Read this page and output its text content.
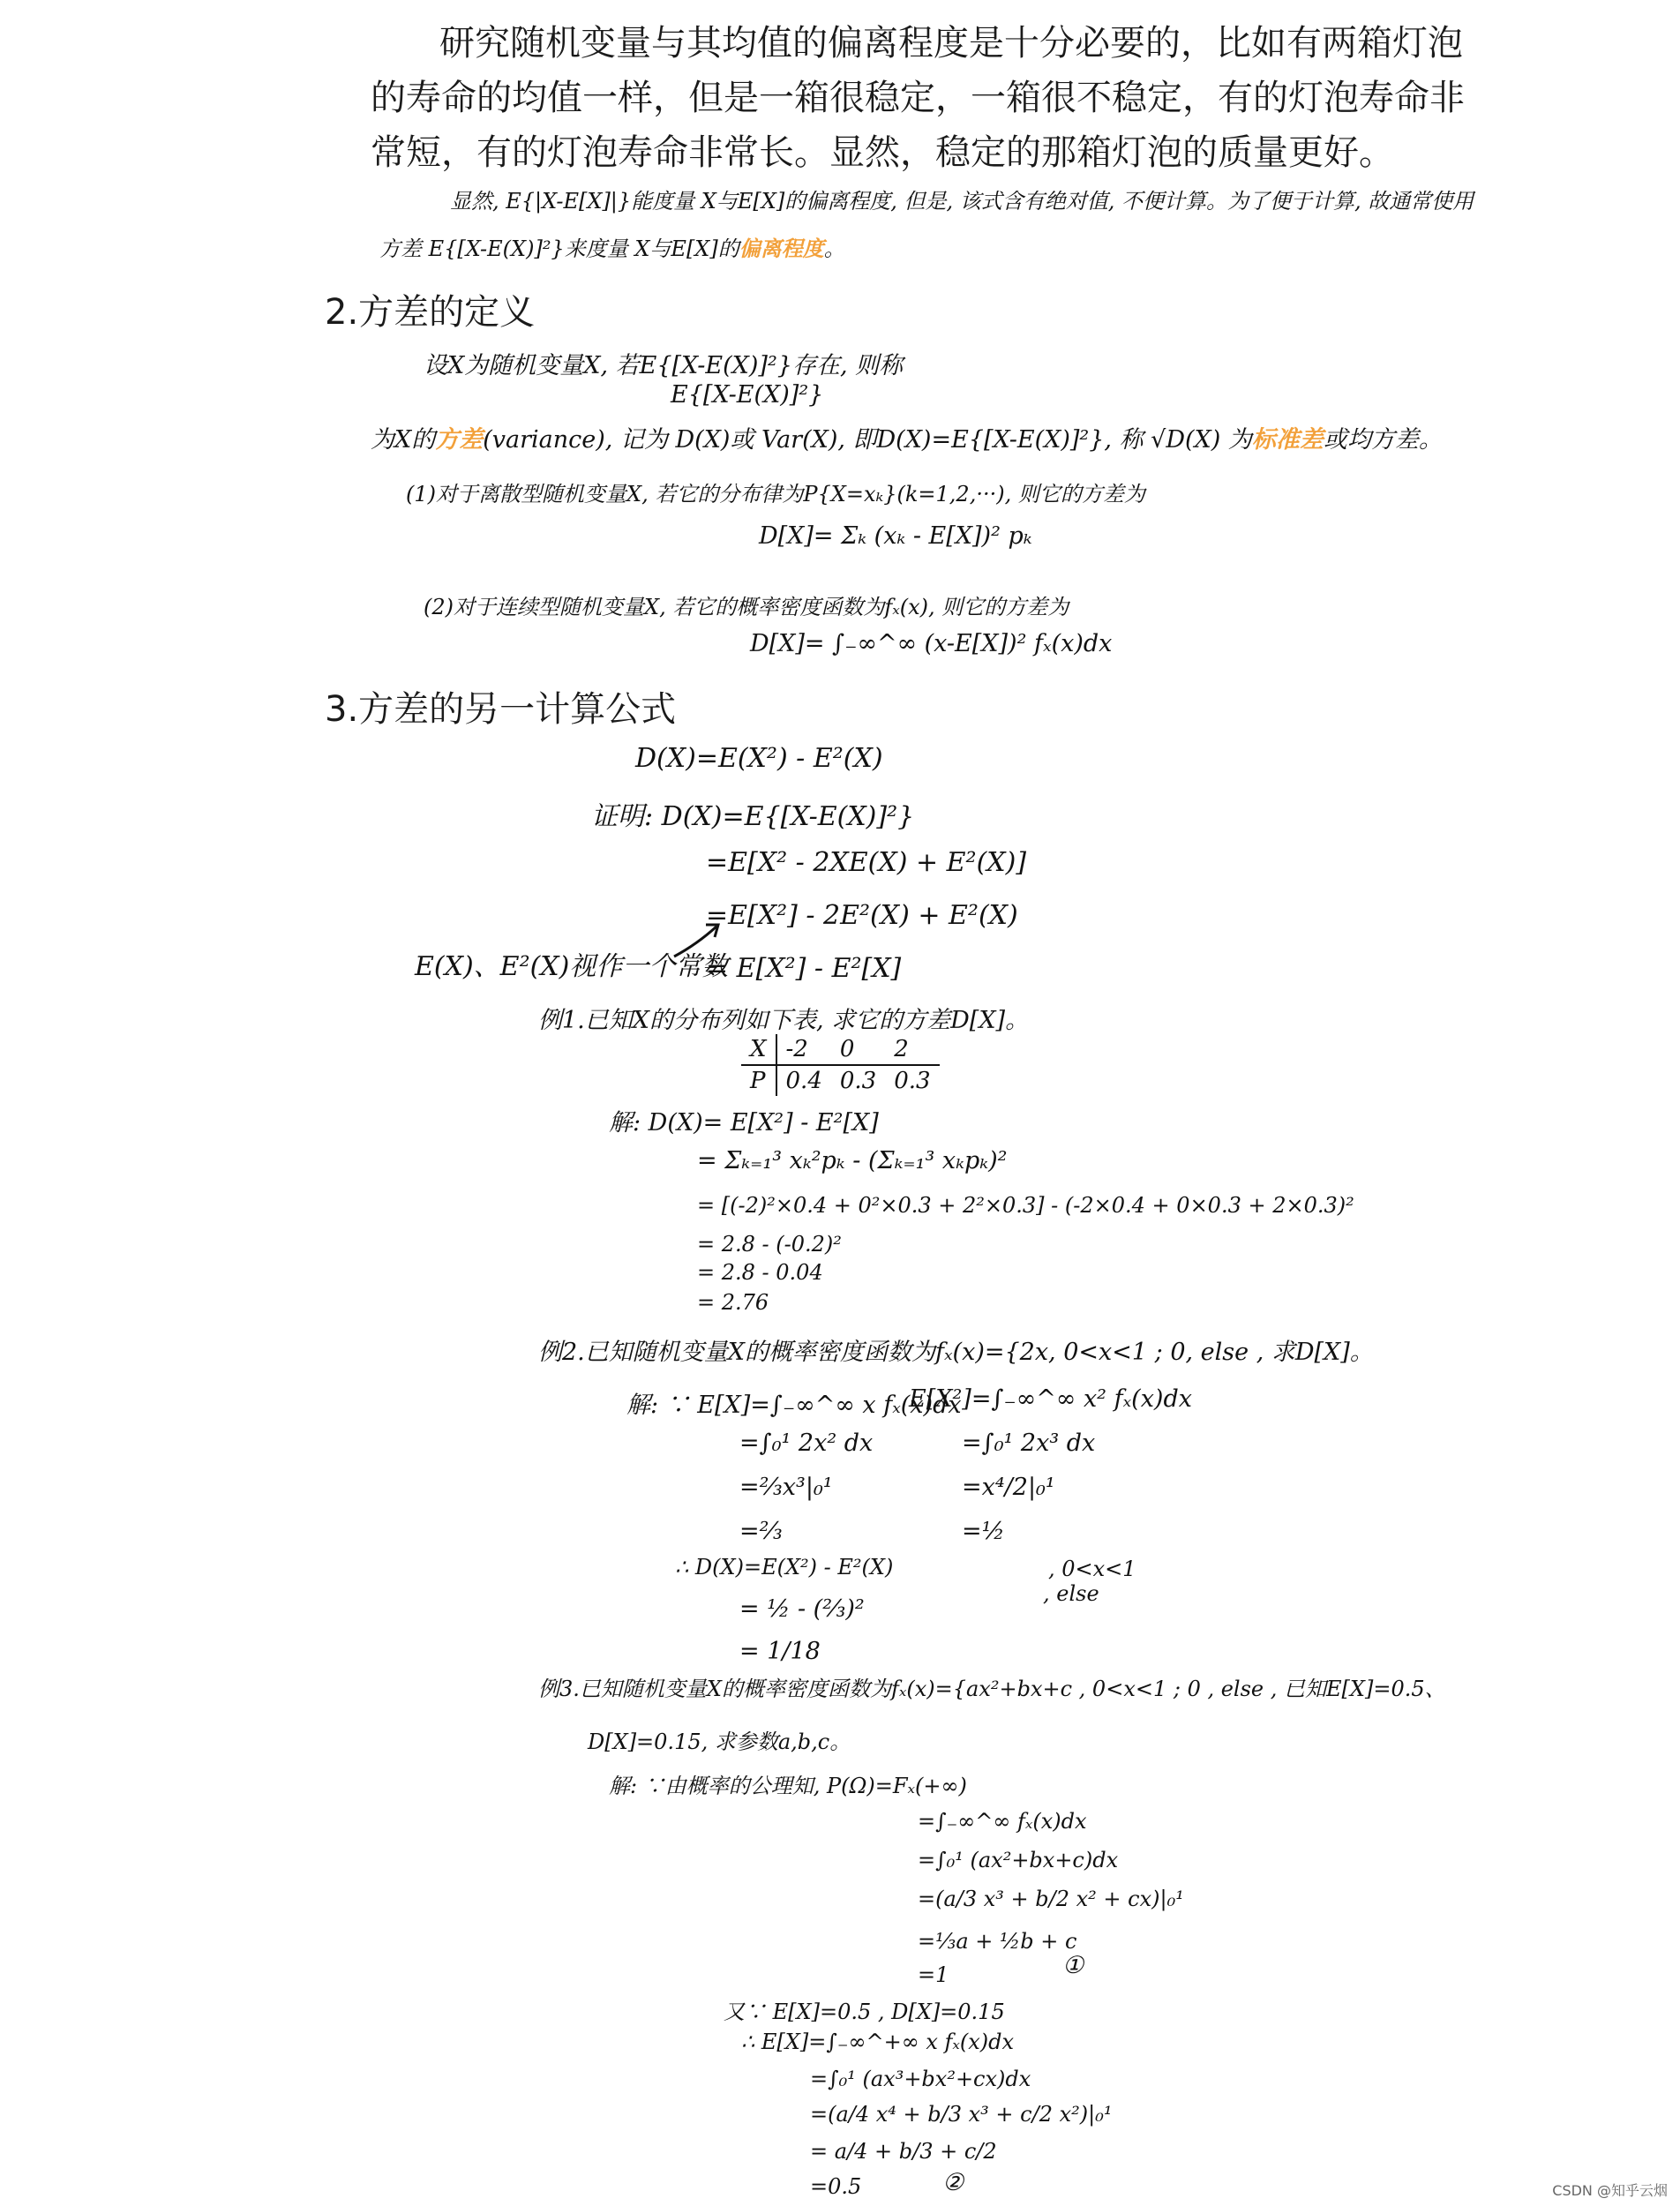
研究随机变量与其均值的偏离程度是十分必要的，比如有两箱灯泡

的寿命的均值一样，但是一箱很稳定，一箱很不稳定，有的灯泡寿命非

常短，有的灯泡寿命非常长。显然，稳定的那箱灯泡的质量更好。

显然, E{|X-E[X]|}能度量 X与E[X]的偏离程度, 但是, 该式含有绝对值, 不便计算。为了便于计算, 故通常使用
方差 E{[X-E(X)]²}来度量 X与E[X]的偏离程度。
2.方差的定义
设X为随机变量X, 若E{[X-E(X)]²}存在, 则称
E{[X-E(X)]²}
为X的方差(variance), 记为 D(X)或 Var(X), 即D(X)=E{[X-E(X)]²}, 称 √D(X) 为标准差或均方差。
(1)对于离散型随机变量X, 若它的分布律为P{X=xₖ}(k=1,2,···), 则它的方差为
D[X]= Σₖ (xₖ - E[X])² pₖ
(2)对于连续型随机变量X, 若它的概率密度函数为fₓ(x), 则它的方差为
D[X]= ∫₋∞^∞ (x-E[X])² fₓ(x)dx
3.方差的另一计算公式
D(X)=E(X²) - E²(X)
证明: D(X)=E{[X-E(X)]²}
=E[X² - 2XE(X) + E²(X)]
=E[X²] - 2E²(X) + E²(X)
= E[X²] - E²[X]
E(X)、E²(X)视作一个常数
例1.已知X的分布列如下表, 求它的方差D[X]。
X	-2	0	2
P	0.4	0.3	0.3
解: D(X)= E[X²] - E²[X]
= Σₖ₌₁³ xₖ²pₖ - (Σₖ₌₁³ xₖpₖ)²
= [(-2)²×0.4 + 0²×0.3 + 2²×0.3] - (-2×0.4 + 0×0.3 + 2×0.3)²
= 2.8 - (-0.2)²
= 2.8 - 0.04
= 2.76
例2.已知随机变量X的概率密度函数为fₓ(x)={2x, 0<x<1 ; 0, else , 求D[X]。
解: ∵ E[X]=∫₋∞^∞ x fₓ(x)dx
=∫₀¹ 2x² dx
=⅔x³|₀¹
=⅔
E[X²]=∫₋∞^∞ x² fₓ(x)dx
=∫₀¹ 2x³ dx
=x⁴/2|₀¹
=½
∴ D(X)=E(X²) - E²(X)
= ½ - (⅔)²
= 1/18
, 0<x<1
, else
例3.已知随机变量X的概率密度函数为fₓ(x)={ax²+bx+c , 0<x<1 ; 0 , else , 已知E[X]=0.5、
D[X]=0.15, 求参数a,b,c。
解: ∵由概率的公理知, P(Ω)=Fₓ(+∞)
=∫₋∞^∞ fₓ(x)dx
=∫₀¹ (ax²+bx+c)dx
=(a/3 x³ + b/2 x² + cx)|₀¹
=⅓a + ½b + c
=1	①
又∵ E[X]=0.5 , D[X]=0.15
∴ E[X]=∫₋∞^+∞ x fₓ(x)dx
=∫₀¹ (ax³+bx²+cx)dx
=(a/4 x⁴ + b/3 x³ + c/2 x²)|₀¹
= a/4 + b/3 + c/2
=0.5	②	CSDN @知乎云烟
